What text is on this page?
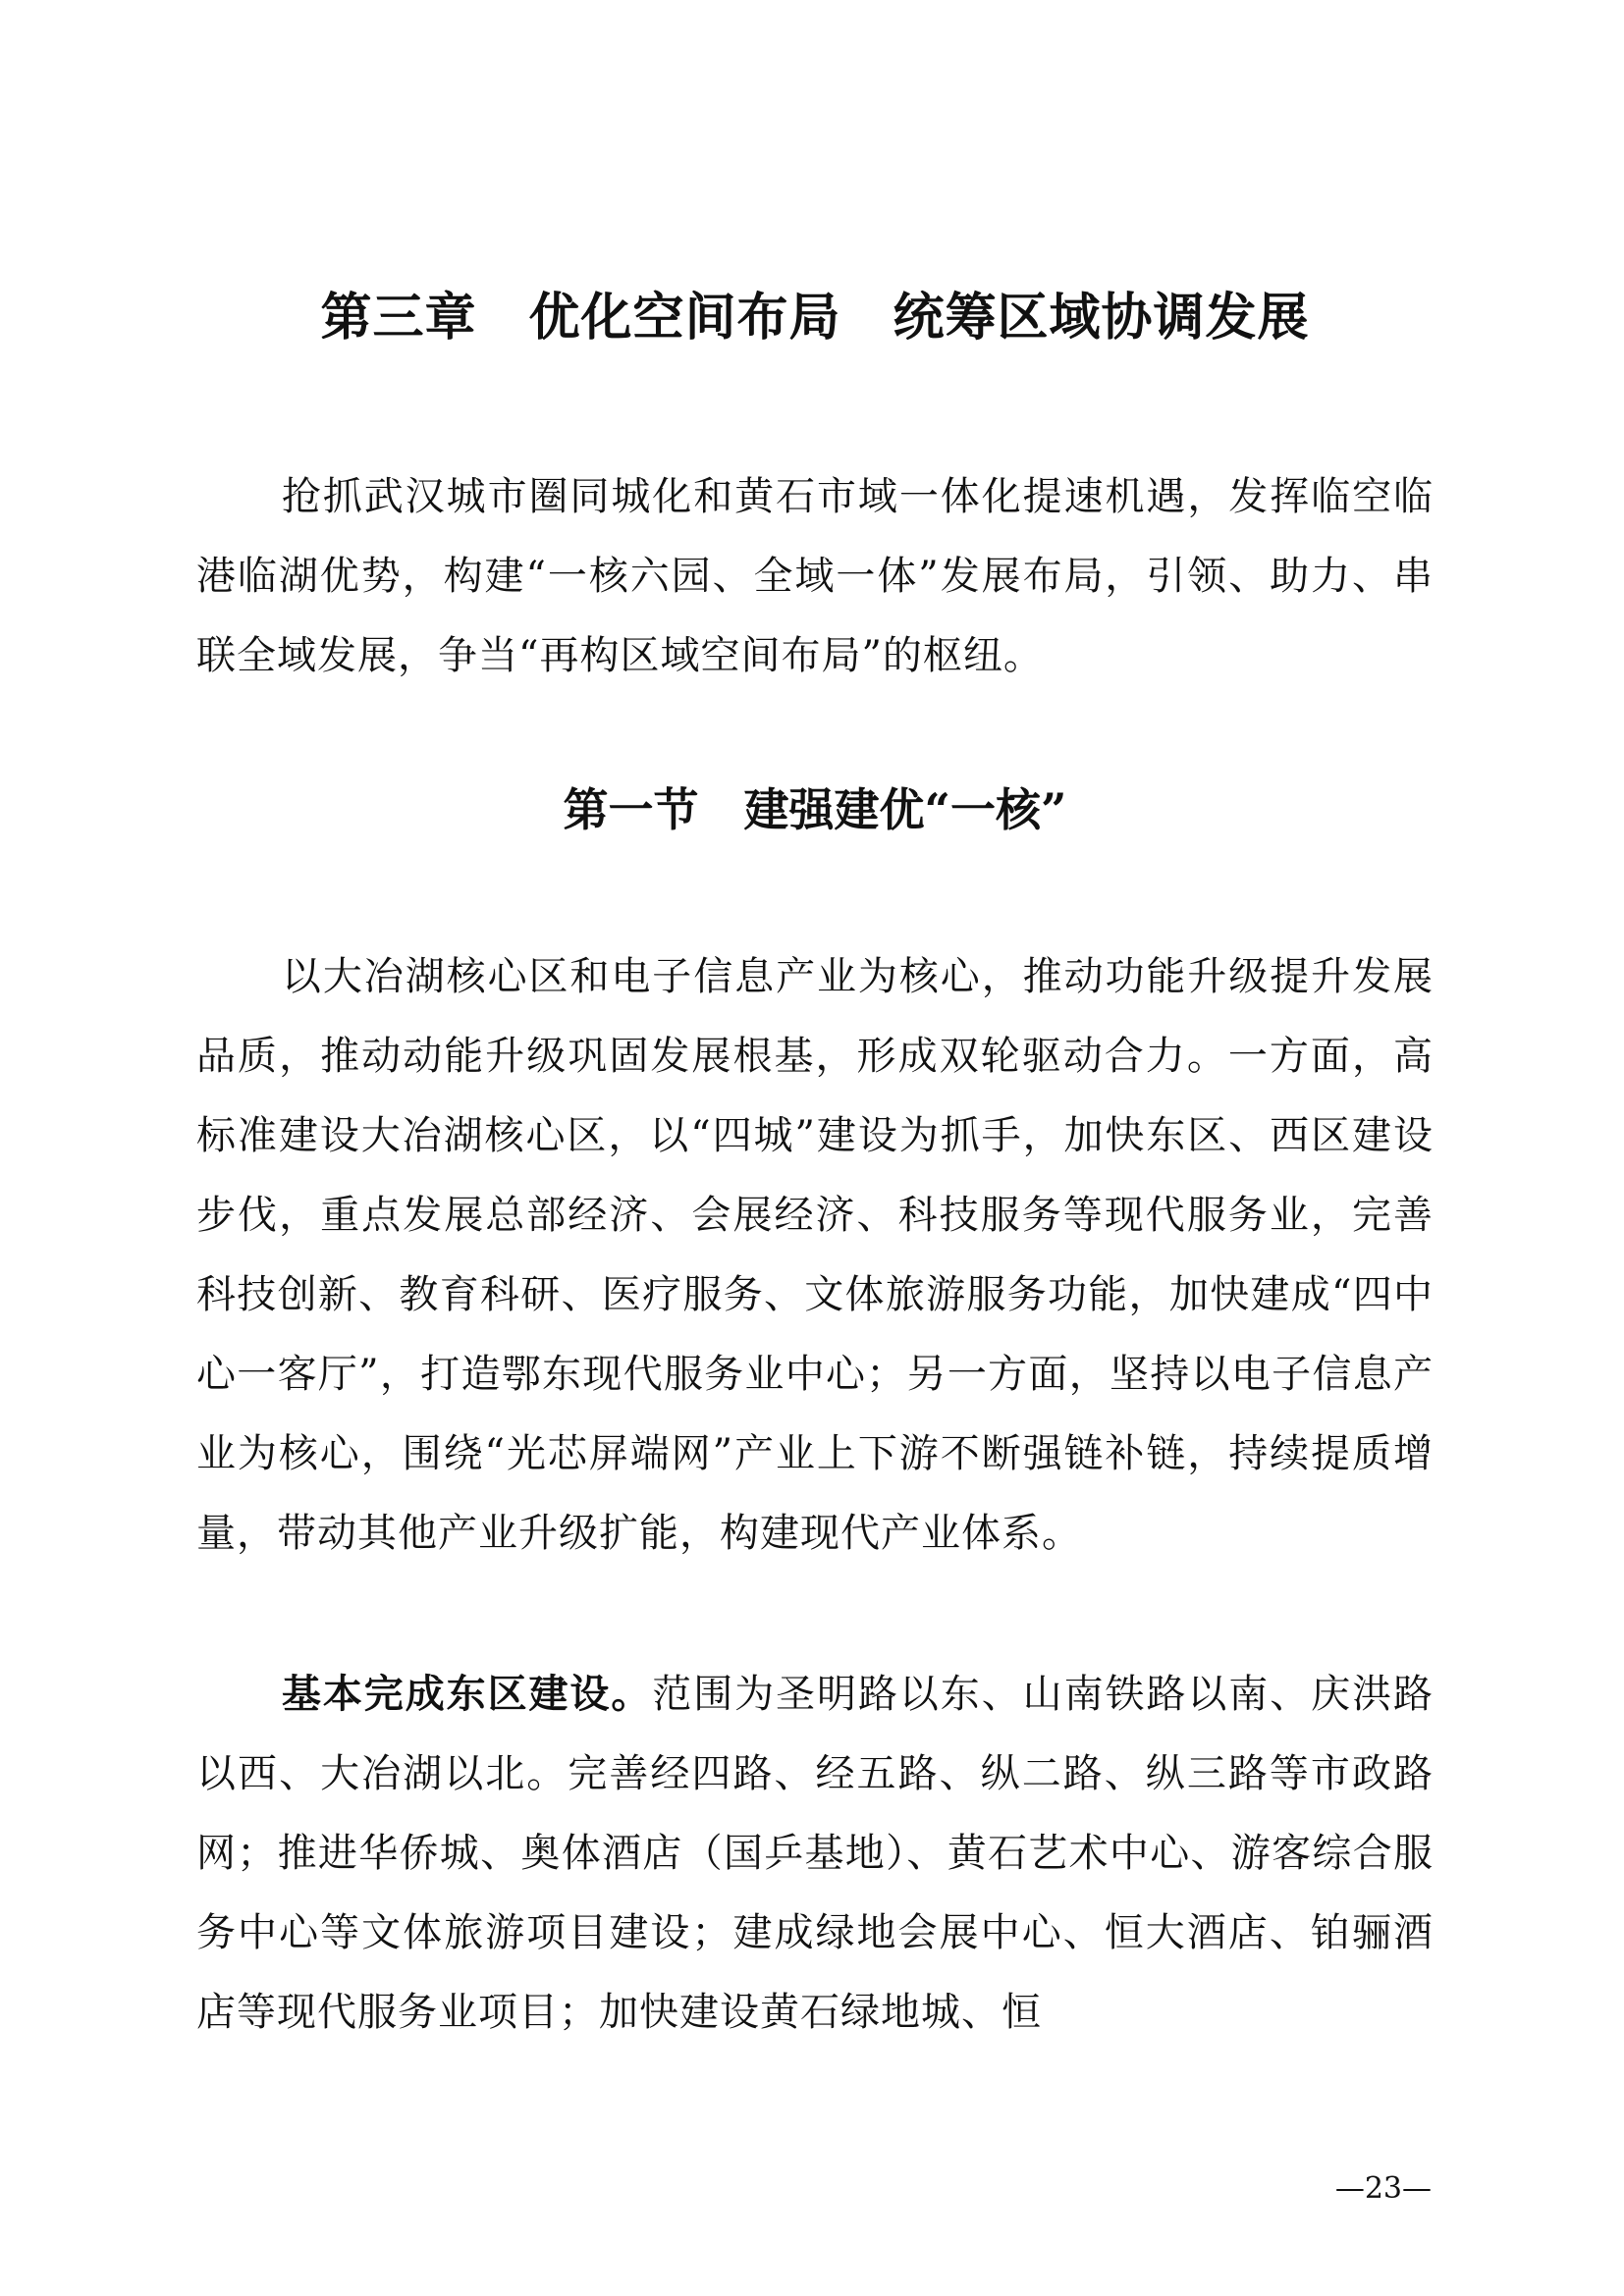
第三章　优化空间布局　统筹区域协调发展
抢抓武汉城市圈同城化和黄石市域一体化提速机遇，发挥临空临港临湖优势，构建“一核六园、全域一体”发展布局，引领、助力、串联全域发展，争当“再构区域空间布局”的枢纽。
第一节　建强建优“一核”
以大冶湖核心区和电子信息产业为核心，推动功能升级提升发展品质，推动动能升级巩固发展根基，形成双轮驱动合力。一方面，高标准建设大冶湖核心区，以“四城”建设为抓手，加快东区、西区建设步伐，重点发展总部经济、会展经济、科技服务等现代服务业，完善科技创新、教育科研、医疗服务、文体旅游服务功能，加快建成“四中心一客厅”，打造鄂东现代服务业中心；另一方面，坚持以电子信息产业为核心，围绕“光芯屏端网”产业上下游不断强链补链，持续提质增量，带动其他产业升级扩能，构建现代产业体系。
基本完成东区建设。范围为圣明路以东、山南铁路以南、庆洪路以西、大冶湖以北。完善经四路、经五路、纵二路、纵三路等市政路网；推进华侨城、奥体酒店（国乒基地）、黄石艺术中心、游客综合服务中心等文体旅游项目建设；建成绿地会展中心、恒大酒店、铂骊酒店等现代服务业项目；加快建设黄石绿地城、恒
—23—
